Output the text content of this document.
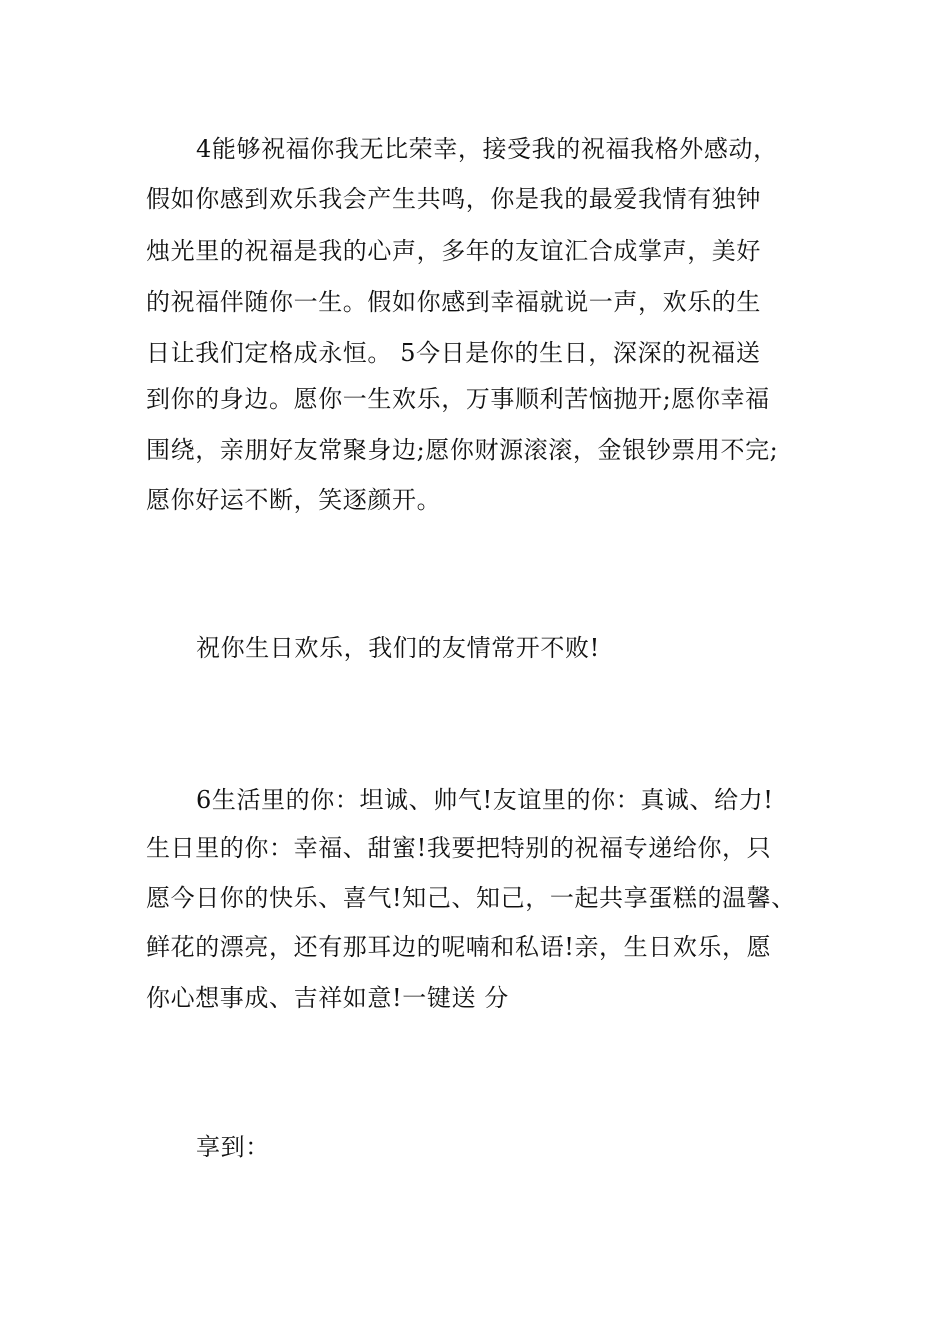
4能够祝福你我无比荣幸，接受我的祝福我格外感动，
假如你感到欢乐我会产生共鸣，你是我的最爱我情有独钟
烛光里的祝福是我的心声，多年的友谊汇合成掌声，美好
的祝福伴随你一生。假如你感到幸福就说一声，欢乐的生
日让我们定格成永恒。 5今日是你的生日，深深的祝福送
到你的身边。愿你一生欢乐，万事顺利苦恼抛开;愿你幸福
围绕，亲朋好友常聚身边;愿你财源滚滚，金银钞票用不完;
愿你好运不断，笑逐颜开。
祝你生日欢乐，我们的友情常开不败!
6生活里的你：坦诚、帅气!友谊里的你：真诚、给力!
生日里的你：幸福、甜蜜!我要把特别的祝福专递给你，只
愿今日你的快乐、喜气!知己、知己，一起共享蛋糕的温馨、
鲜花的漂亮，还有那耳边的呢喃和私语!亲，生日欢乐，愿
你心想事成、吉祥如意!一键送 分
享到：
